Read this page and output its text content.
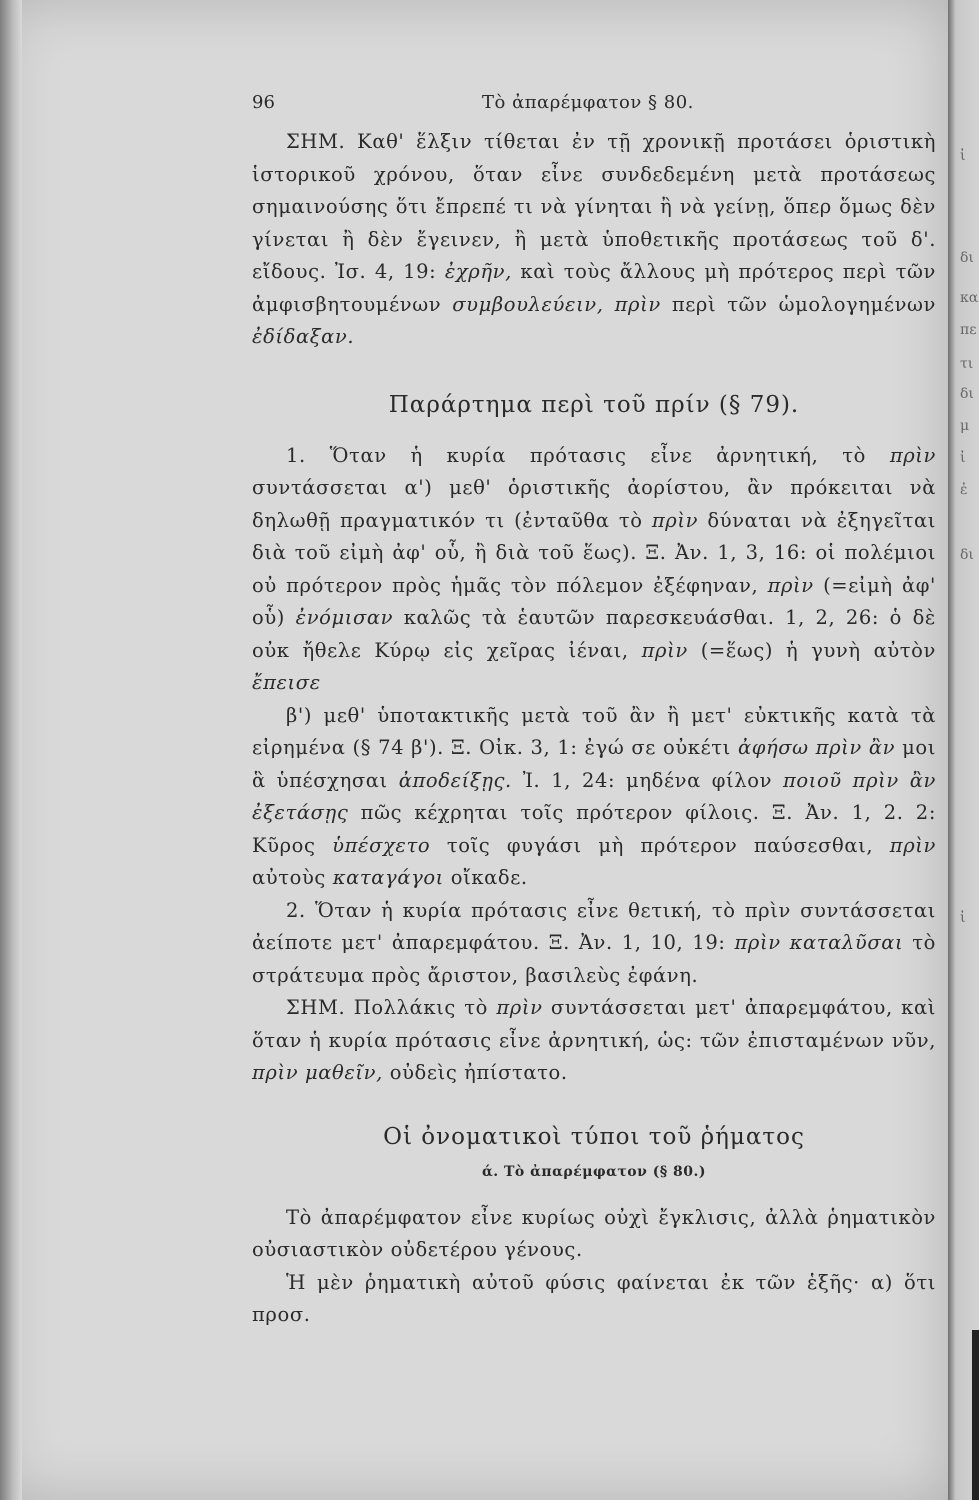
96	Τὸ ἀπαρέμφατον § 80.

ΣΗΜ. Καθ' ἕλξιν τίθεται ἐν τῇ χρονικῇ προτάσει ὁριστικὴ ἱστορικοῦ χρόνου, ὅταν εἶνε συνδεδεμένη μετὰ προτάσεως σημαινούσης ὅτι ἔπρεπέ τι νὰ γίνηται ἢ νὰ γείνῃ, ὅπερ ὅμως δὲν γίνεται ἢ δὲν ἔγεινεν, ἢ μετὰ ὑποθετικῆς προτάσεως τοῦ δ'. εἴδους. Ἰσ. 4, 19: ἐχρῆν, καὶ τοὺς ἄλλους μὴ πρότερος περὶ τῶν ἀμφισβητουμένων συμβουλεύειν, πρὶν περὶ τῶν ὡμολογημένων ἐδίδαξαν.

Παράρτημα περὶ τοῦ πρίν (§ 79).

1. Ὅταν ἡ κυρία πρότασις εἶνε ἀρνητική, τὸ πρὶν συντάσσεται α') μεθ' ὁριστικῆς ἀορίστου, ἂν πρόκειται νὰ δηλωθῇ πραγματικόν τι (ἐνταῦθα τὸ πρὶν δύναται νὰ ἐξηγεῖται διὰ τοῦ εἰμὴ ἀφ' οὗ, ἢ διὰ τοῦ ἕως). Ξ. Ἀν. 1, 3, 16: οἱ πολέμιοι οὐ πρότερον πρὸς ἡμᾶς τὸν πόλεμον ἐξέφηναν, πρὶν (=εἰμὴ ἀφ' οὗ) ἐνόμισαν καλῶς τὰ ἑαυτῶν παρεσκευάσθαι. 1, 2, 26: ὁ δὲ οὐκ ἤθελε Κύρῳ εἰς χεῖρας ἰέναι, πρὶν (=ἕως) ἡ γυνὴ αὐτὸν ἔπεισε

β') μεθ' ὑποτακτικῆς μετὰ τοῦ ἂν ἢ μετ' εὐκτικῆς κατὰ τὰ εἰρημένα (§ 74 β'). Ξ. Οἰκ. 3, 1: ἐγώ σε οὐκέτι ἀφήσω πρὶν ἂν μοι ἃ ὑπέσχησαι ἀποδείξῃς. Ἰ. 1, 24: μηδένα φίλον ποιοῦ πρὶν ἂν ἐξετάσῃς πῶς κέχρηται τοῖς πρότερον φίλοις. Ξ. Ἀν. 1, 2. 2: Κῦρος ὑπέσχετο τοῖς φυγάσι μὴ πρότερον παύσεσθαι, πρὶν αὐτοὺς καταγάγοι οἴκαδε.

2. Ὅταν ἡ κυρία πρότασις εἶνε θετική, τὸ πρὶν συντάσσεται ἀείποτε μετ' ἀπαρεμφάτου. Ξ. Ἀν. 1, 10, 19: πρὶν καταλῦσαι τὸ στράτευμα πρὸς ἄριστον, βασιλεὺς ἐφάνη.

ΣΗΜ. Πολλάκις τὸ πρὶν συντάσσεται μετ' ἀπαρεμφάτου, καὶ ὅταν ἡ κυρία πρότασις εἶνε ἀρνητική, ὡς: τῶν ἐπισταμένων νῦν, πρὶν μαθεῖν, οὐδεὶς ἠπίστατο.

Οἱ ὀνοματικοὶ τύποι τοῦ ῥήματος
ά. Τὸ ἀπαρέμφατον (§ 80.)

Τὸ ἀπαρέμφατον εἶνε κυρίως οὐχὶ ἔγκλισις, ἀλλὰ ῥηματικὸν οὐσιαστικὸν οὐδετέρου γένους.

Ἡ μὲν ῥηματικὴ αὐτοῦ φύσις φαίνεται ἐκ τῶν ἑξῆς· α) ὅτι προσ.

ἰ
δι
κα
πε
τι
δι
μ
ἰ
ἐ
δι
ἰ
